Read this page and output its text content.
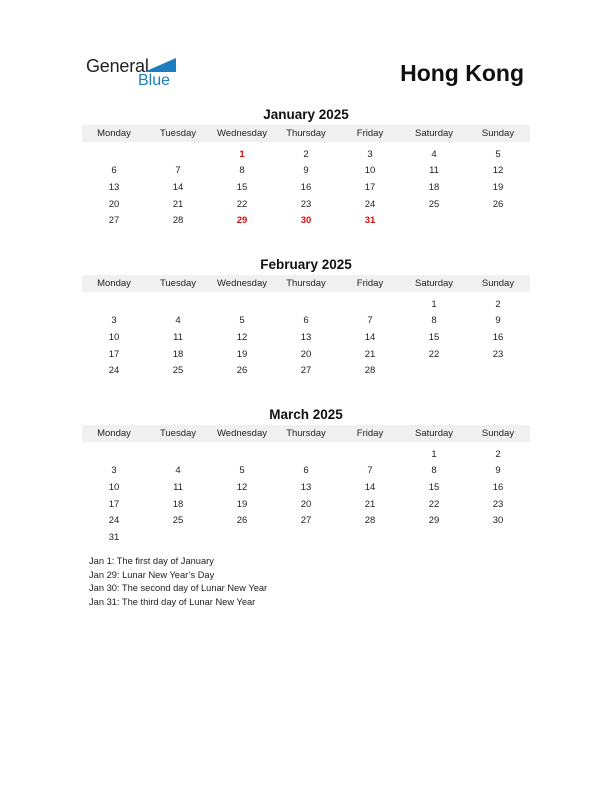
General
Blue	Hong Kong
January 2025
Monday	Tuesday	Wednesday	Thursday	Friday	Saturday	Sunday

		1	2	3	4	5
6	7	8	9	10	11	12
13	14	15	16	17	18	19
20	21	22	23	24	25	26
27	28	29	30	31		
February 2025
Monday	Tuesday	Wednesday	Thursday	Friday	Saturday	Sunday

					1	2
3	4	5	6	7	8	9
10	11	12	13	14	15	16
17	18	19	20	21	22	23
24	25	26	27	28		
March 2025
Monday	Tuesday	Wednesday	Thursday	Friday	Saturday	Sunday

					1	2
3	4	5	6	7	8	9
10	11	12	13	14	15	16
17	18	19	20	21	22	23
24	25	26	27	28	29	30
31						
Jan 1: The first day of January
Jan 29: Lunar New Year’s Day
Jan 30: The second day of Lunar New Year
Jan 31: The third day of Lunar New Year
